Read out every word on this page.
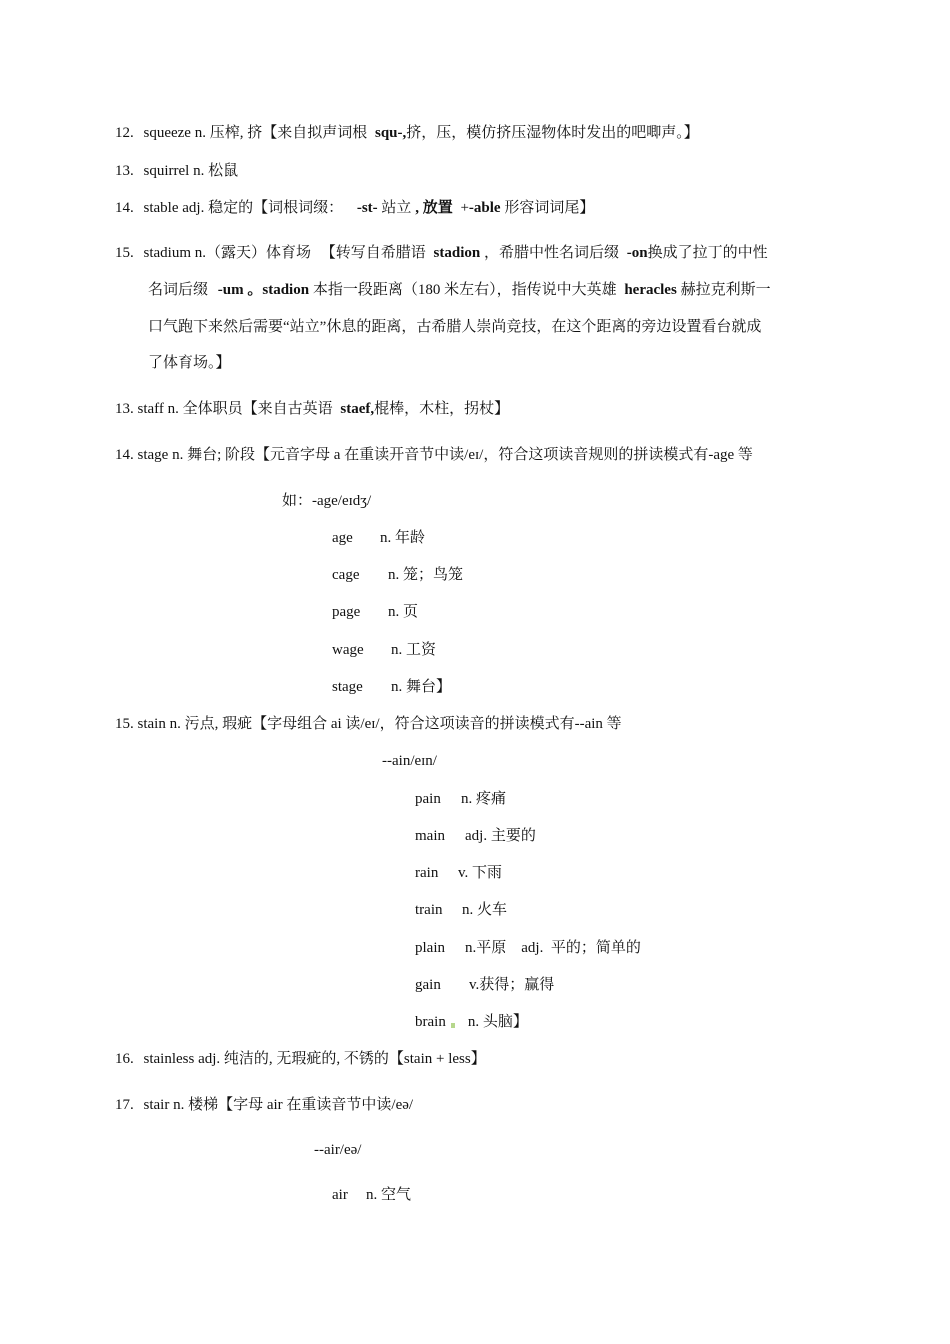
12. squeeze n. 压榨, 挤【来自拟声词根 squ-,挤，压，模仿挤压湿物体时发出的吧唧声。】
13. squirrel n. 松鼠
14. stable adj. 稳定的【词根词缀： -st- 站立 , 放置 +-able 形容词词尾】
15. stadium n.（露天）体育场 【转写自希腊语 stadion ，希腊中性名词后缀 -on换成了拉丁的中性
名词后缀 -um 。stadion 本指一段距离（180 米左右），指传说中大英雄 heracles 赫拉克利斯一
口气跑下来然后需要“站立”休息的距离，古希腊人崇尚竞技，在这个距离的旁边设置看台就成
了体育场。】
13. staff n. 全体职员【来自古英语 staef,棍棒，木柱，拐杖】
14. stage n. 舞台; 阶段【元音字母 a 在重读开音节中读/eɪ/，符合这项读音规则的拼读模式有-age 等
如：-age/eɪdʒ/
age n. 年龄
cage n. 笼；鸟笼
page n. 页
wage n. 工资
stage n. 舞台】
15. stain n. 污点, 瑕疵【字母组合 ai 读/eɪ/，符合这项读音的拼读模式有--ain 等
--ain/eɪn/
pain n. 疼痛
main adj. 主要的
rain v. 下雨
train n. 火车
plain n.平原    adj.  平的；简单的
gain v.获得；赢得
brain n. 头脑】
16. stainless adj. 纯洁的, 无瑕疵的, 不锈的【stain + less】
17. stair n. 楼梯【字母 air 在重读音节中读/eə/
--air/eə/
air n. 空气
